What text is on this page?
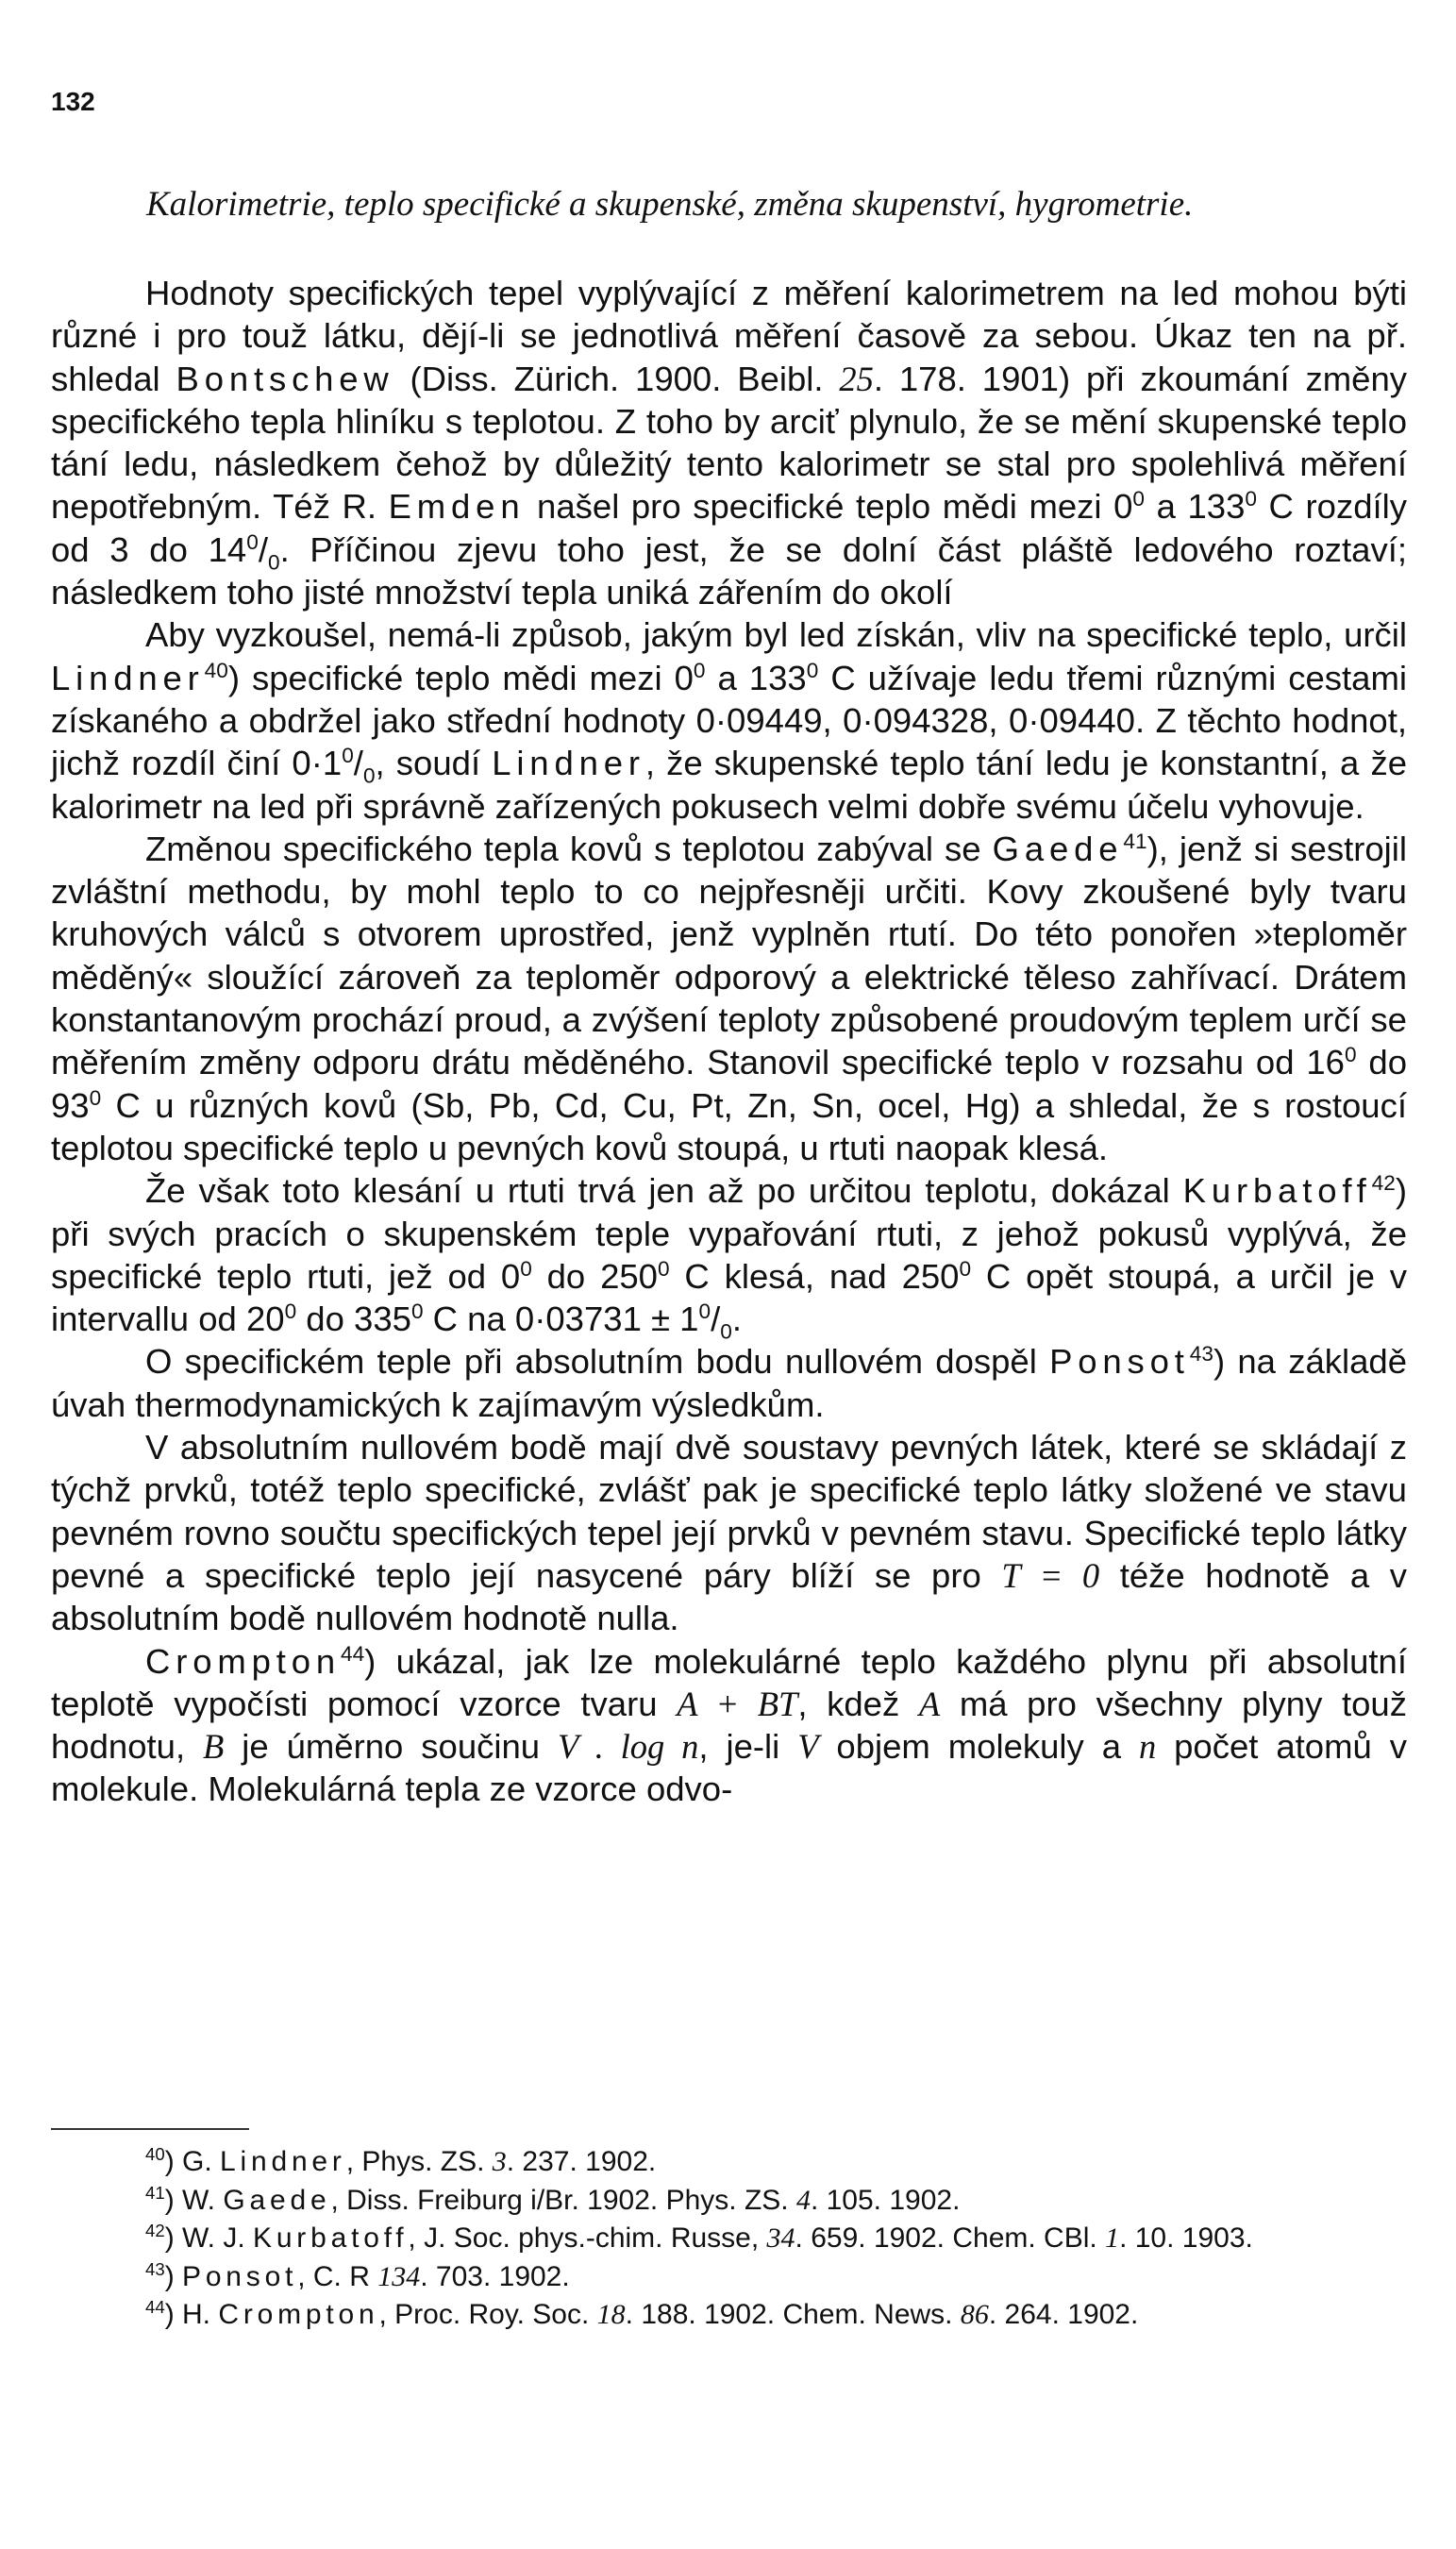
132
Kalorimetrie, teplo specifické a skupenské, změna skupenství, hygrometrie.

Hodnoty specifických tepel vyplývající z měření kalorimetrem na led mohou býti různé i pro touž látku, dějí-li se jednotlivá měření časově za sebou. Úkaz ten na př. shledal Bontschew (Diss. Zürich. 1900. Beibl. 25. 178. 1901) při zkoumání změny specifického tepla hliníku s teplotou. Z toho by arciť plynulo, že se mění skupenské teplo tání ledu, následkem čehož by důležitý tento kalorimetr se stal pro spolehlivá měření nepotřebným. Též R. Emden našel pro specifické teplo mědi mezi $0^0$ a $133^0$ C rozdíly od 3 do $14^0/_0$. Příčinou zjevu toho jest, že se dolní část pláště ledového roztaví; následkem toho jisté množství tepla uniká zářením do okolí

Aby vyzkoušel, nemá-li způsob, jakým byl led získán, vliv na specifické teplo, určil Lindner$^{40}$) specifické teplo mědi mezi $0^0$ a $133^0$ C užívaje ledu třemi různými cestami získaného a obdržel jako střední hodnoty 0·09449, 0·094328, 0·09440. Z těchto hodnot, jichž rozdíl činí $0\cdot 1^0/_0$, soudí Lindner, že skupenské teplo tání ledu je konstantní, a že kalorimetr na led při správně zařízených pokusech velmi dobře svému účelu vyhovuje.

Změnou specifického tepla kovů s teplotou zabýval se Gaede$^{41}$), jenž si sestrojil zvláštní methodu, by mohl teplo to co nejpřesněji určiti. Kovy zkoušené byly tvaru kruhových válců s otvorem uprostřed, jenž vyplněn rtutí. Do této ponořen »teploměr měděný« sloužící zároveň za teploměr odporový a elektrické těleso zahřívací. Drátem konstantanovým prochází proud, a zvýšení teploty způsobené proudovým teplem určí se měřením změny odporu drátu měděného. Stanovil specifické teplo v rozsahu od $16^0$ do $93^0$ C u různých kovů (Sb, Pb, Cd, Cu, Pt, Zn, Sn, ocel, Hg) a shledal, že s rostoucí teplotou specifické teplo u pevných kovů stoupá, u rtuti naopak klesá.

Že však toto klesání u rtuti trvá jen až po určitou teplotu, dokázal Kurbatoff$^{42}$) při svých pracích o skupenském teple vypařování rtuti, z jehož pokusů vyplývá, že specifické teplo rtuti, jež od $0^0$ do $250^0$ C klesá, nad $250^0$ C opět stoupá, a určil je v intervallu od $20^0$ do $335^0$ C na $0\cdot 03731 \pm 1^0/_0$.

O specifickém teple při absolutním bodu nullovém dospěl Ponsot$^{43}$) na základě úvah thermodynamických k zajímavým výsledkům.

V absolutním nullovém bodě mají dvě soustavy pevných látek, které se skládají z týchž prvků, totéž teplo specifické, zvlášť pak je specifické teplo látky složené ve stavu pevném rovno součtu specifických tepel její prvků v pevném stavu. Specifické teplo látky pevné a specifické teplo její nasycené páry blíží se pro T = 0 téže hodnotě a v absolutním bodě nullovém hodnotě nulla.

Crompton$^{44}$) ukázal, jak lze molekulárné teplo každého plynu při absolutní teplotě vypočísti pomocí vzorce tvaru A + BT, kdež A má pro všechny plyny touž hodnotu, B je úměrno součinu V . log n, je-li V objem molekuly a n počet atomů v molekule. Molekulárná tepla ze vzorce odvo-

$^{40}$) G. Lindner, Phys. ZS. 3. 237. 1902.

$^{41}$) W. Gaede, Diss. Freiburg i/Br. 1902. Phys. ZS. 4. 105. 1902.

$^{42}$) W. J. Kurbatoff, J. Soc. phys.-chim. Russe, 34. 659. 1902. Chem. CBl. 1. 10. 1903.

$^{43}$) Ponsot, C. R 134. 703. 1902.

$^{44}$) H. Crompton, Proc. Roy. Soc. 18. 188. 1902. Chem. News. 86. 264. 1902.
